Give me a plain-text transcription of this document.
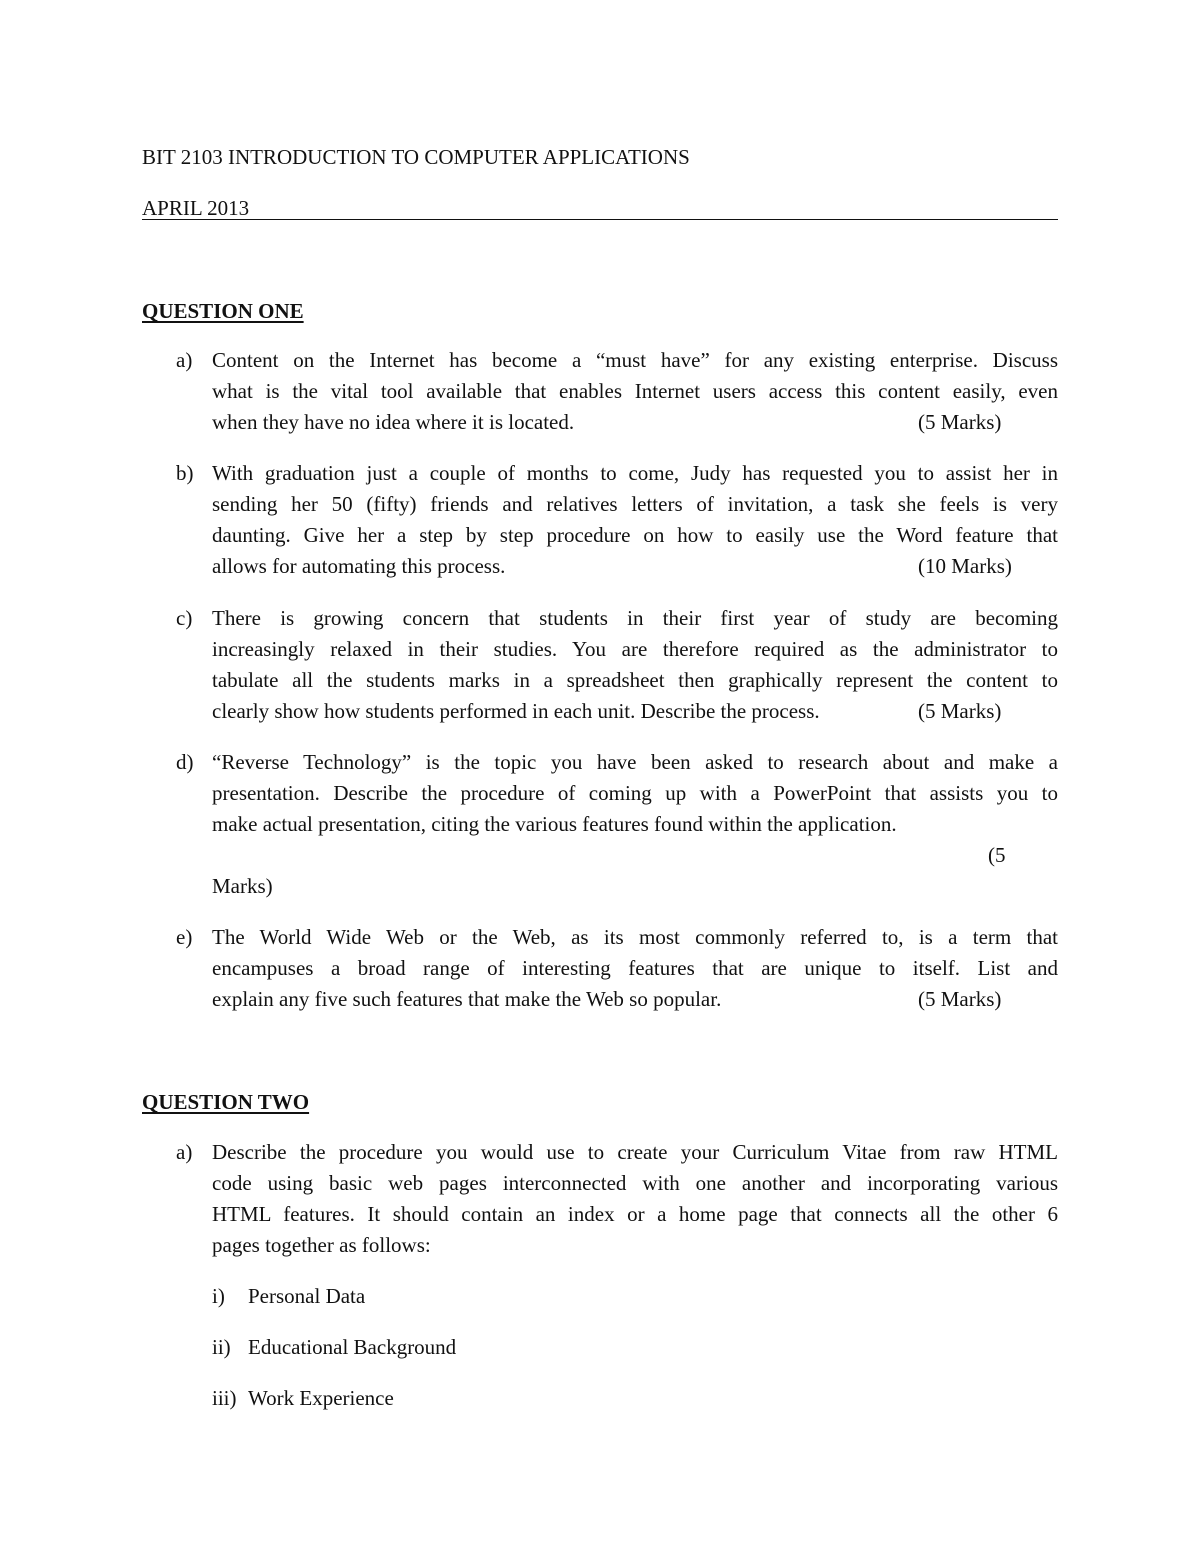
BIT 2103 INTRODUCTION TO COMPUTER APPLICATIONS
APRIL 2013
QUESTION ONE
a) Content on the Internet has become a “must have” for any existing enterprise. Discuss
what is the vital tool available that enables Internet users access this content easily, even
when they have no idea where it is located.	(5 Marks)
b) With graduation just a couple of months to come, Judy has requested you to assist her in
sending her 50 (fifty) friends and relatives letters of invitation, a task she feels is very
daunting. Give her a step by step procedure on how to easily use the Word feature that
allows for automating this process.	(10 Marks)
c) There is growing concern that students in their first year of study are becoming
increasingly relaxed in their studies. You are therefore required as the administrator to
tabulate all the students marks in a spreadsheet then graphically represent the content to
clearly show how students performed in each unit. Describe the process.	(5 Marks)
d) “Reverse Technology” is the topic you have been asked to research about and make a
presentation. Describe the procedure of coming up with a PowerPoint that assists you to
make actual presentation, citing the various features found within the application.
(5
Marks)
e) The World Wide Web or the Web, as its most commonly referred to, is a term that
encampuses a broad range of interesting features that are unique to itself. List and
explain any five such features that make the Web so popular.	(5 Marks)
QUESTION TWO
a) Describe the procedure you would use to create your Curriculum Vitae from raw HTML
code using basic web pages interconnected with one another and incorporating various
HTML features. It should contain an index or a home page that connects all the other 6
pages together as follows:
i) Personal Data
ii) Educational Background
iii) Work Experience
